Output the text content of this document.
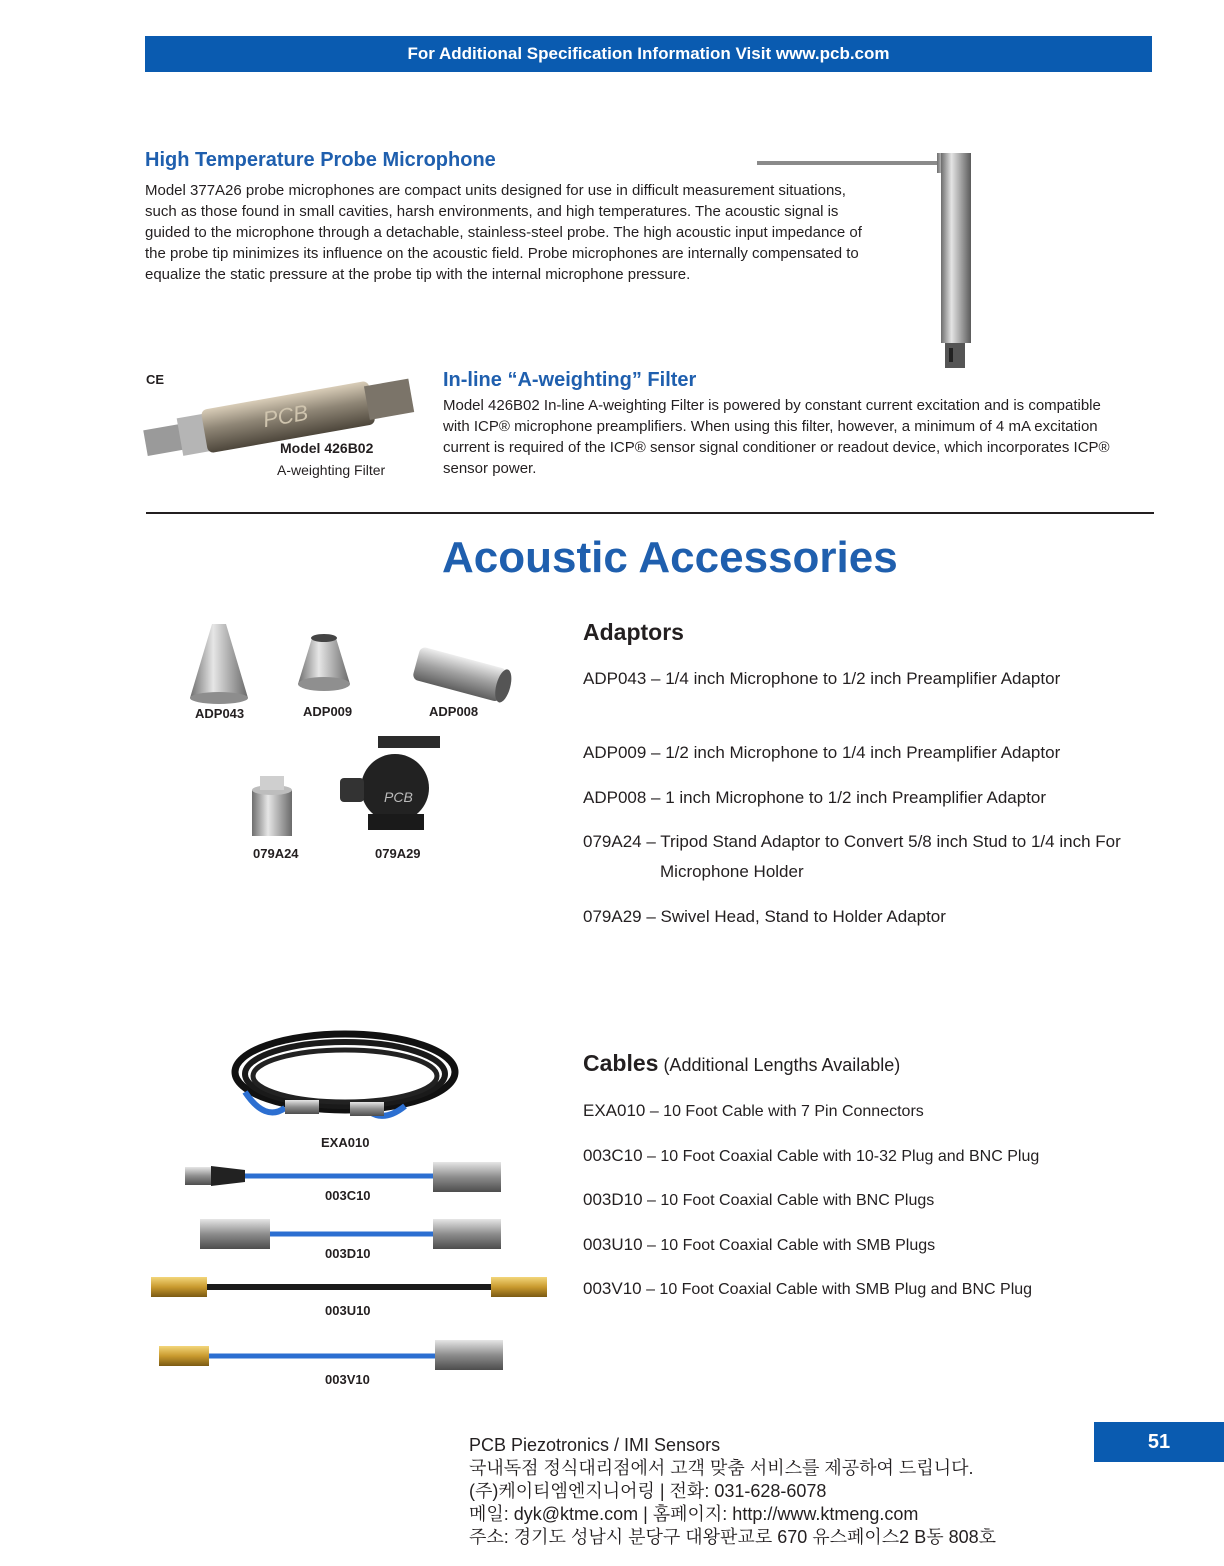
For Additional Specification Information Visit www.pcb.com
High Temperature Probe Microphone
Model 377A26 probe microphones are compact units designed for use in difficult measurement situations,
such as those found in small cavities, harsh environments, and high temperatures. The acoustic signal is
guided to the microphone through a detachable, stainless-steel probe. The high acoustic input impedance of
the probe tip minimizes its influence on the acoustic field. Probe microphones are internally compensated to
equalize the static pressure at the probe tip with the internal microphone pressure.
CE
PCB
Model 426B02
A-weighting Filter
In-line “A-weighting” Filter
Model 426B02 In-line A-weighting Filter is powered by constant current excitation and is compatible
with ICP® microphone preamplifiers. When using this filter, however, a minimum of 4 mA excitation
current is required of the ICP® sensor signal conditioner or readout device, which incorporates ICP®
sensor power.
Acoustic Accessories
PCB
ADP043	ADP009	ADP008
079A24	079A29
Adaptors
ADP043 – 1/4 inch Microphone to 1/2 inch Preamplifier Adaptor
ADP009 – 1/2 inch Microphone to 1/4 inch Preamplifier Adaptor
ADP008 – 1 inch Microphone to 1/2 inch Preamplifier Adaptor
079A24 – Tripod Stand Adaptor to Convert 5/8 inch Stud to 1/4 inch For
Microphone Holder
079A29 – Swivel Head, Stand to Holder Adaptor
EXA010
003C10
003D10
003U10
003V10
Cables (Additional Lengths Available)
EXA010 – 10 Foot Cable with 7 Pin Connectors
003C10 – 10 Foot Coaxial Cable with 10-32 Plug and BNC Plug
003D10 – 10 Foot Coaxial Cable with BNC Plugs
003U10 – 10 Foot Coaxial Cable with SMB Plugs
003V10 – 10 Foot Coaxial Cable with SMB Plug and BNC Plug
PCB Piezotronics / IMI Sensors
국내독점 정식대리점에서 고객 맞춤 서비스를 제공하여 드립니다.
(주)케이티엠엔지니어링 | 전화: 031-628-6078
메일: dyk@ktme.com | 홈페이지: http://www.ktmeng.com
주소: 경기도 성남시 분당구 대왕판교로 670 유스페이스2 B동 808호
51
